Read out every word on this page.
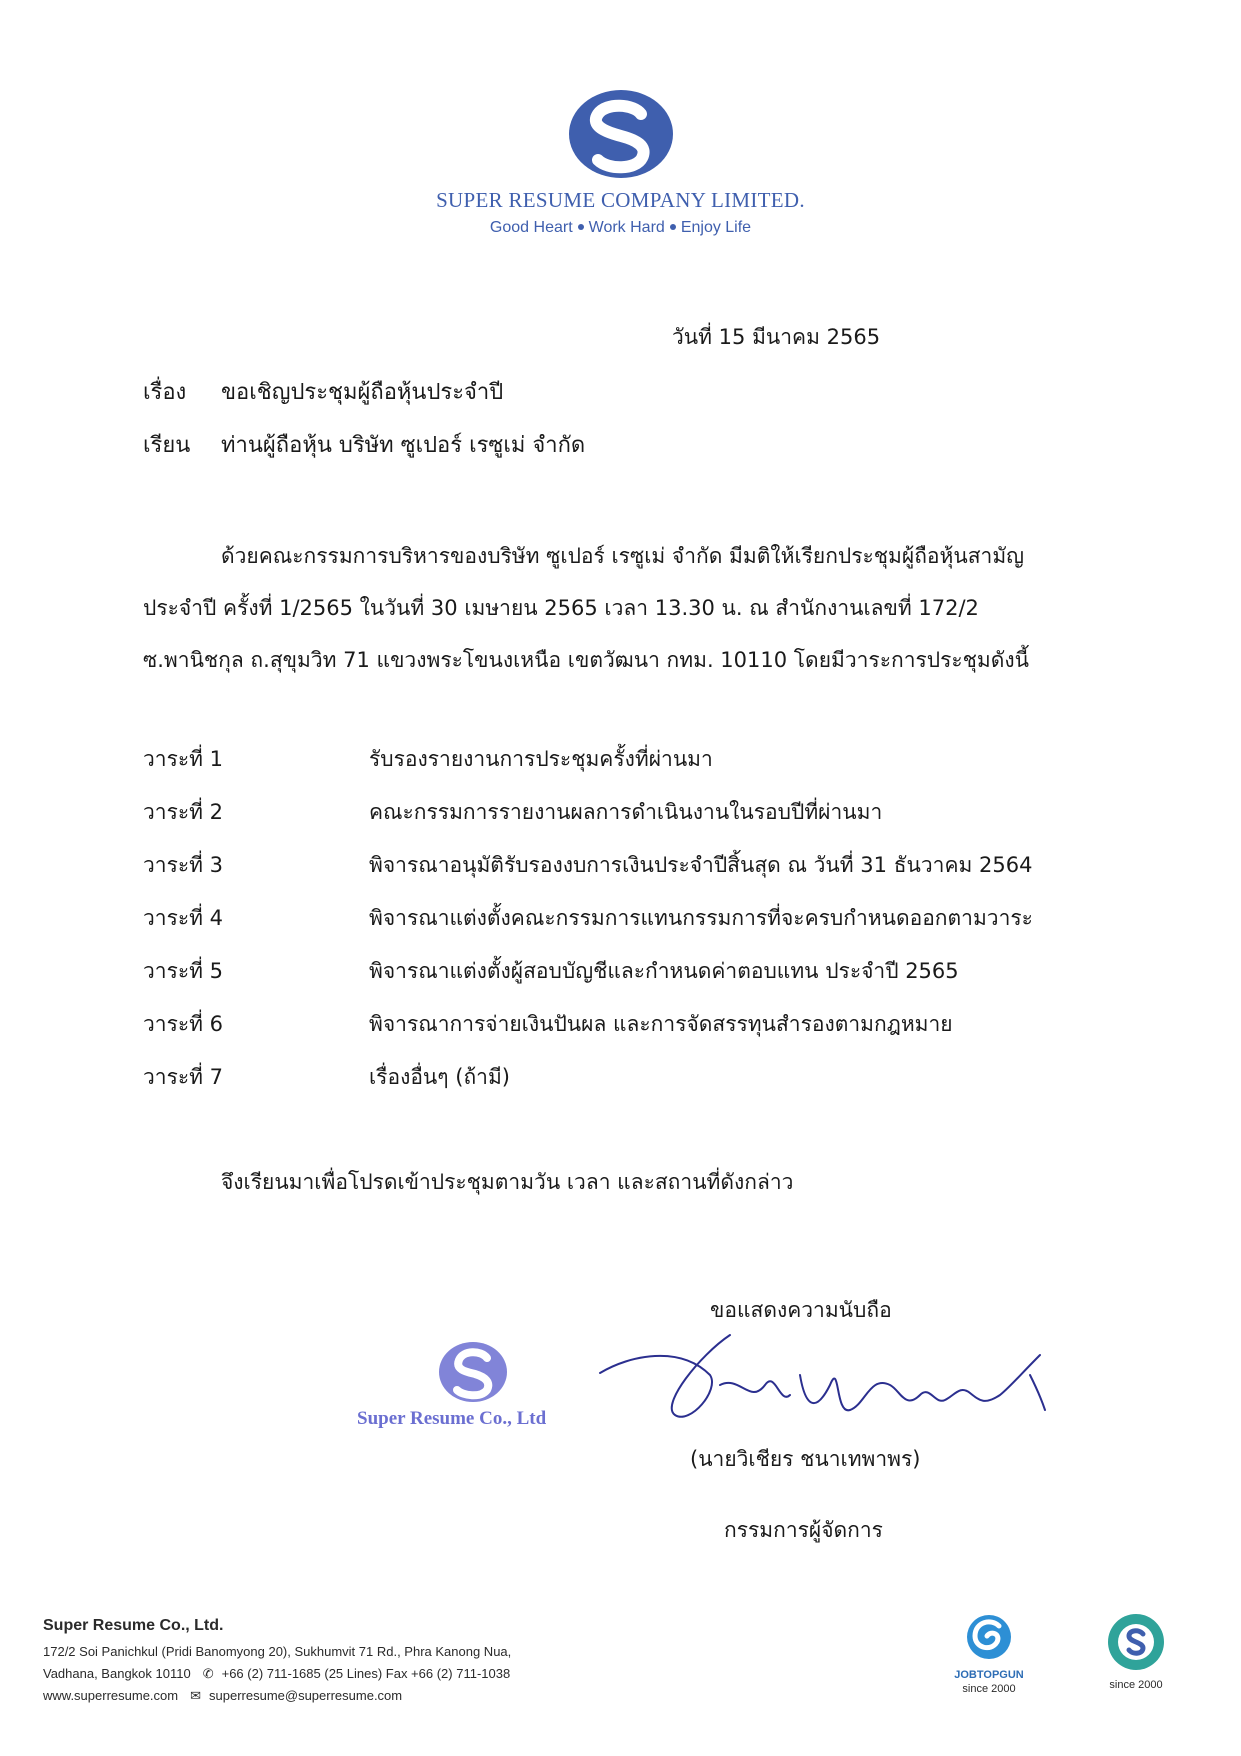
SUPER RESUME COMPANY LIMITED.
Good Heart Work Hard Enjoy Life
วันที่ 15 มีนาคม 2565
เรื่อง ขอเชิญประชุมผู้ถือหุ้นประจำปี
เรียน ท่านผู้ถือหุ้น บริษัท ซูเปอร์ เรซูเม่ จำกัด
ด้วยคณะกรรมการบริหารของบริษัท ซูเปอร์ เรซูเม่ จำกัด มีมติให้เรียกประชุมผู้ถือหุ้นสามัญ
ประจำปี ครั้งที่ 1/2565 ในวันที่ 30 เมษายน 2565 เวลา 13.30 น. ณ สำนักงานเลขที่ 172/2
ซ.พานิชกุล ถ.สุขุมวิท 71 แขวงพระโขนงเหนือ เขตวัฒนา กทม. 10110 โดยมีวาระการประชุมดังนี้
วาระที่ 1	รับรองรายงานการประชุมครั้งที่ผ่านมา
วาระที่ 2	คณะกรรมการรายงานผลการดำเนินงานในรอบปีที่ผ่านมา
วาระที่ 3	พิจารณาอนุมัติรับรองงบการเงินประจำปีสิ้นสุด ณ วันที่ 31 ธันวาคม 2564
วาระที่ 4	พิจารณาแต่งตั้งคณะกรรมการแทนกรรมการที่จะครบกำหนดออกตามวาระ
วาระที่ 5	พิจารณาแต่งตั้งผู้สอบบัญชีและกำหนดค่าตอบแทน ประจำปี 2565
วาระที่ 6	พิจารณาการจ่ายเงินปันผล และการจัดสรรทุนสำรองตามกฎหมาย
วาระที่ 7	เรื่องอื่นๆ (ถ้ามี)
จึงเรียนมาเพื่อโปรดเข้าประชุมตามวัน เวลา และสถานที่ดังกล่าว
ขอแสดงความนับถือ
Super Resume Co., Ltd
(นายวิเชียร ชนาเทพาพร)
กรรมการผู้จัดการ
Super Resume Co., Ltd.
172/2 Soi Panichkul (Pridi Banomyong 20), Sukhumvit 71 Rd., Phra Kanong Nua,
Vadhana, Bangkok 10110 ✆ +66 (2) 711-1685 (25 Lines) Fax +66 (2) 711-1038
www.superresume.com ✉ superresume@superresume.com
JOBTOPGUN
since 2000	since 2000
